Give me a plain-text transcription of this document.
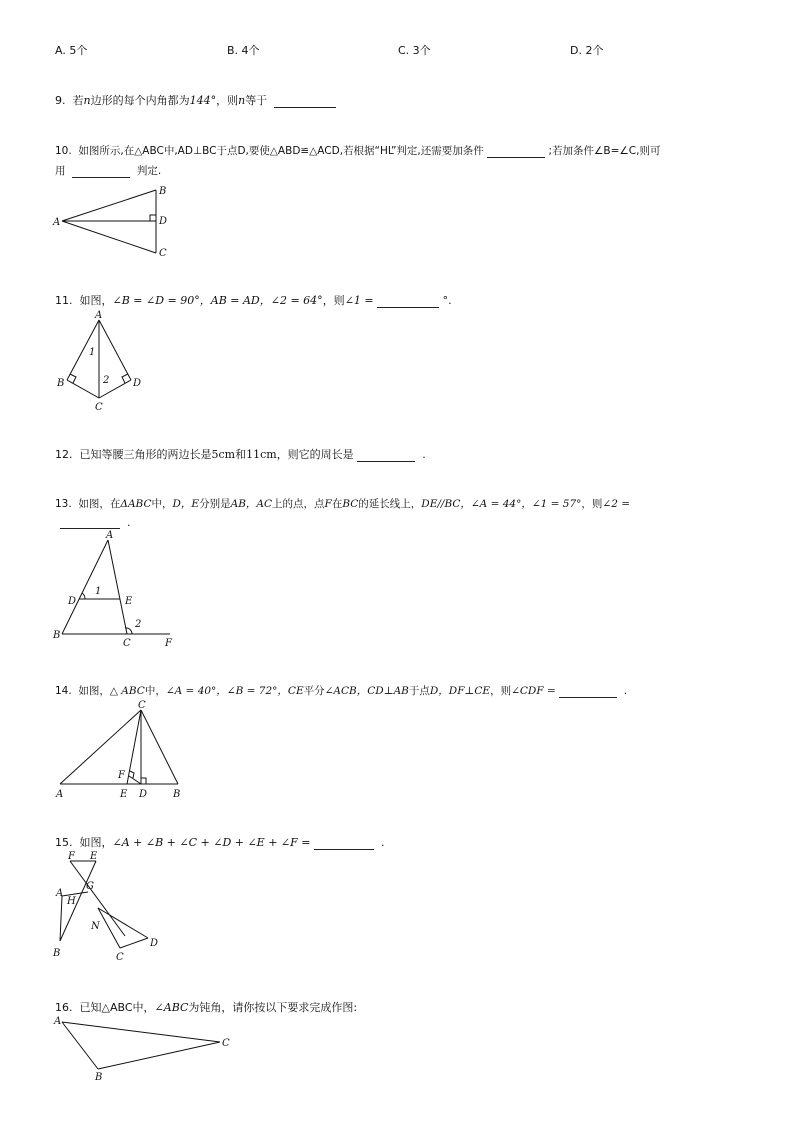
A. 5个	B. 4个	C. 3个	D. 2个
9. 若n边形的每个内角都为144°，则n等于
10. 如图所示,在△ABC中,AD⊥BC于点D,要使△ABD≌△ACD,若根据“HL”判定,还需要加条件	;若加条件∠B=∠C,则可
用	判定.
A
B
D
C
11. 如图，∠B = ∠D = 90°，AB = AD，∠2 = 64°，则∠1 =	°.
A
1
2
B	D
C
12. 已知等腰三角形的两边长是5cm和11cm，则它的周长是	.
13. 如图，在ΔABC中，D，E分别是AB，AC上的点，点F在BC的延长线上，DE//BC，∠A = 44°，∠1 = 57°，则∠2 =
.
A
D
1
E
2
B
C	F
14. 如图，△ ABC中，∠A = 40°，∠B = 72°，CE平分∠ACB，CD⊥AB于点D，DF⊥CE，则∠CDF =	.
C
F
A	E D	B
15. 如图，∠A + ∠B + ∠C + ∠D + ∠E + ∠F =	.
F E
G
A
H
N
D
B	C
16. 已知△ABC中，∠ABC为钝角，请你按以下要求完成作图:
A
C
B
